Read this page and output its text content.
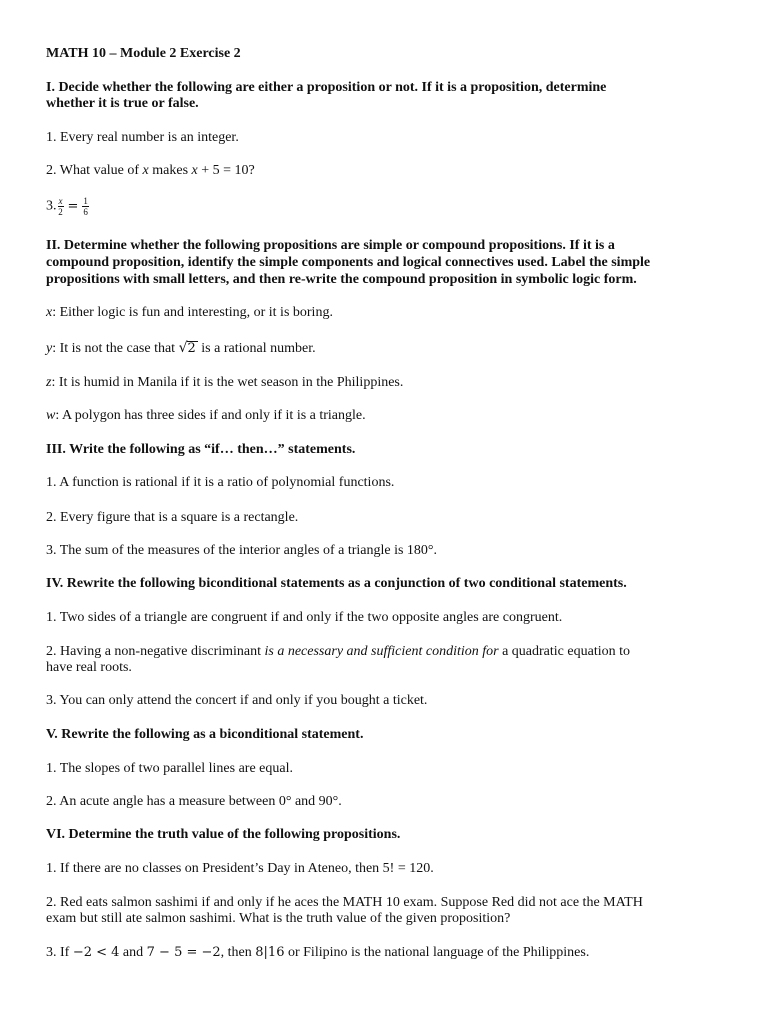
MATH 10 – Module 2 Exercise 2
I. Decide whether the following are either a proposition or not. If it is a proposition, determine
whether it is true or false.
1. Every real number is an integer.
2. What value of x makes x + 5 = 10?
3. $\frac{x}{2} = \frac{1}{6}$
II. Determine whether the following propositions are simple or compound propositions. If it is a
compound proposition, identify the simple components and logical connectives used. Label the simple
propositions with small letters, and then re-write the compound proposition in symbolic logic form.
x: Either logic is fun and interesting, or it is boring.
y: It is not the case that √2 is a rational number.
z: It is humid in Manila if it is the wet season in the Philippines.
w: A polygon has three sides if and only if it is a triangle.
III. Write the following as “if… then…” statements.
1. A function is rational if it is a ratio of polynomial functions.
2. Every figure that is a square is a rectangle.
3. The sum of the measures of the interior angles of a triangle is 180°.
IV. Rewrite the following biconditional statements as a conjunction of two conditional statements.
1. Two sides of a triangle are congruent if and only if the two opposite angles are congruent.
2. Having a non-negative discriminant is a necessary and sufficient condition for a quadratic equation to
have real roots.
3. You can only attend the concert if and only if you bought a ticket.
V. Rewrite the following as a biconditional statement.
1. The slopes of two parallel lines are equal.
2. An acute angle has a measure between 0° and 90°.
VI. Determine the truth value of the following propositions.
1. If there are no classes on President’s Day in Ateneo, then 5! = 120.
2. Red eats salmon sashimi if and only if he aces the MATH 10 exam. Suppose Red did not ace the MATH
exam but still ate salmon sashimi. What is the truth value of the given proposition?
3. If −2 < 4 and 7 − 5 = −2, then 8|16 or Filipino is the national language of the Philippines.
